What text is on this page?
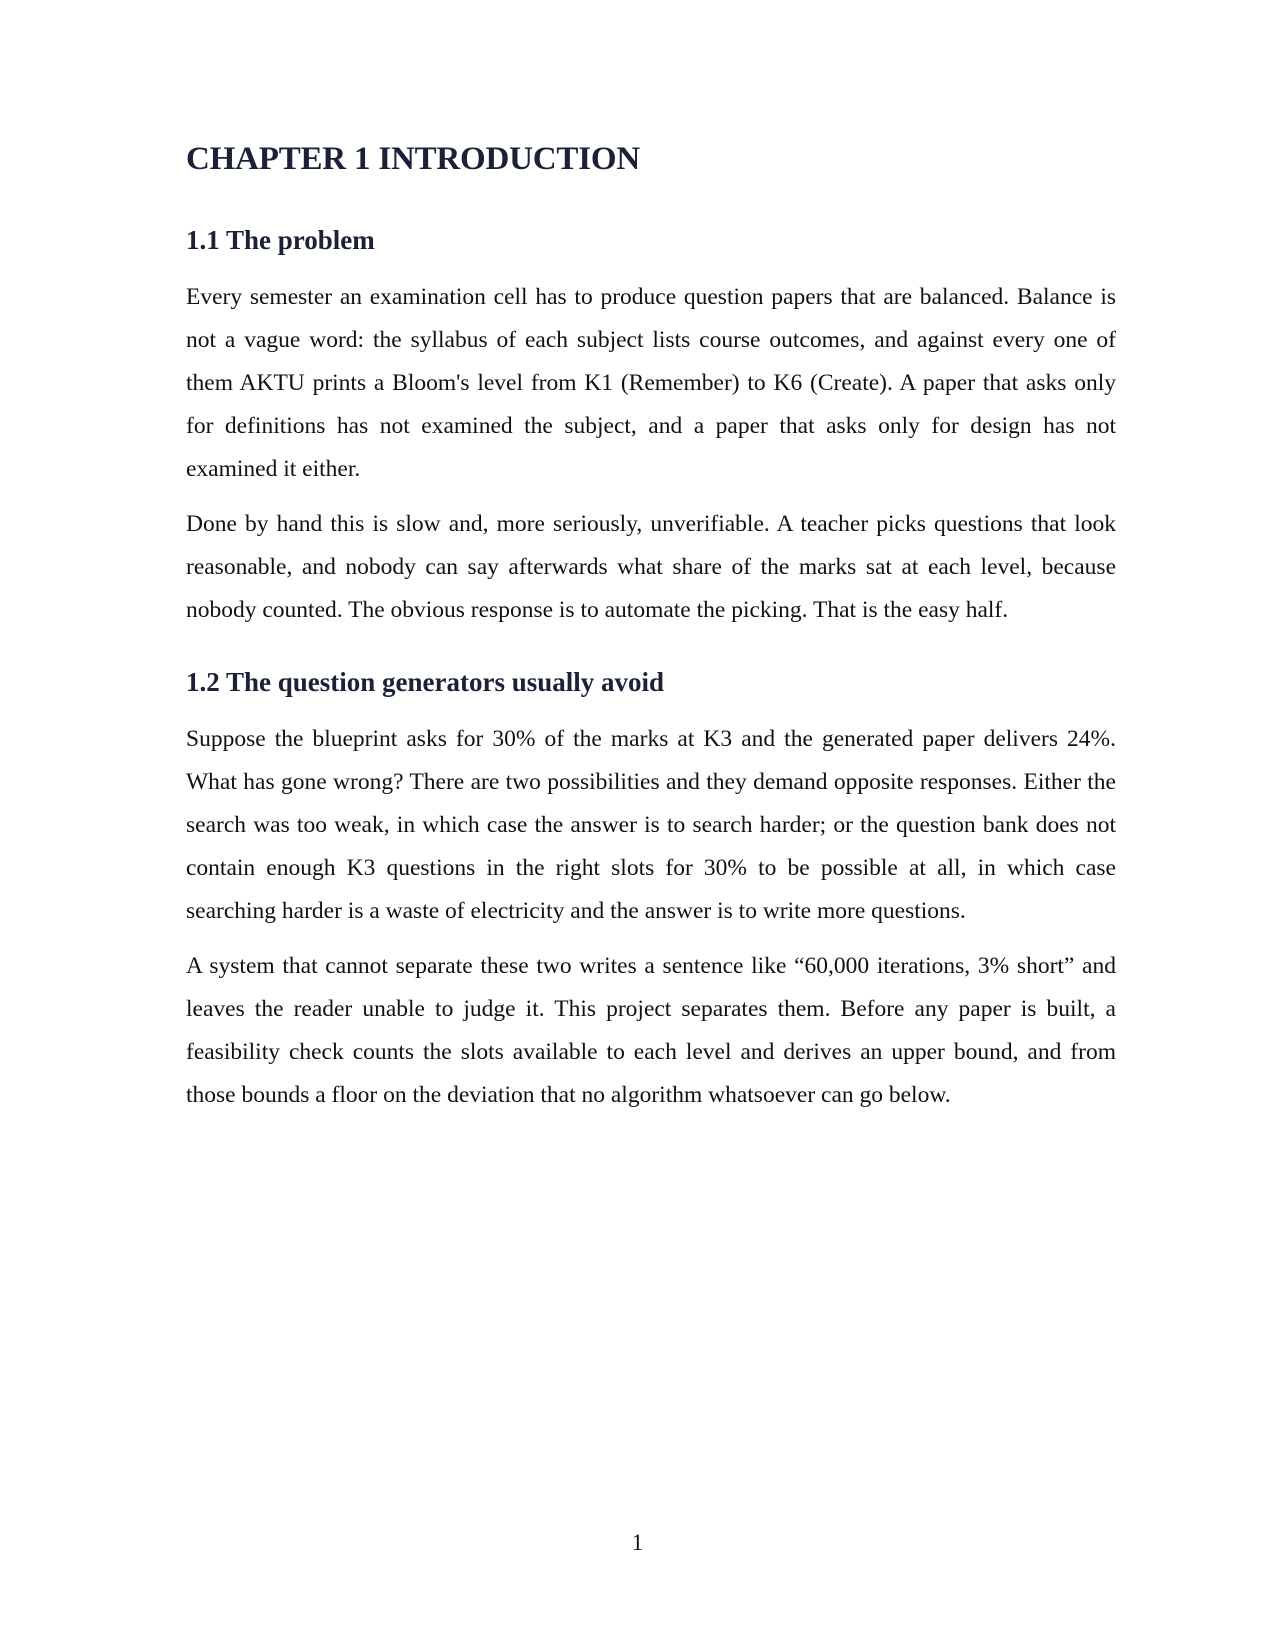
CHAPTER 1 INTRODUCTION
1.1 The problem

Every semester an examination cell has to produce question papers that are balanced. Balance is not a vague word: the syllabus of each subject lists course outcomes, and against every one of them AKTU prints a Bloom's level from K1 (Remember) to K6 (Create). A paper that asks only for definitions has not examined the subject, and a paper that asks only for design has not examined it either.

Done by hand this is slow and, more seriously, unverifiable. A teacher picks questions that look reasonable, and nobody can say afterwards what share of the marks sat at each level, because nobody counted. The obvious response is to automate the picking. That is the easy half.

1.2 The question generators usually avoid

Suppose the blueprint asks for 30% of the marks at K3 and the generated paper delivers 24%. What has gone wrong? There are two possibilities and they demand opposite responses. Either the search was too weak, in which case the answer is to search harder; or the question bank does not contain enough K3 questions in the right slots for 30% to be possible at all, in which case searching harder is a waste of electricity and the answer is to write more questions.

A system that cannot separate these two writes a sentence like “60,000 iterations, 3% short” and leaves the reader unable to judge it. This project separates them. Before any paper is built, a feasibility check counts the slots available to each level and derives an upper bound, and from those bounds a floor on the deviation that no algorithm whatsoever can go below.

1
